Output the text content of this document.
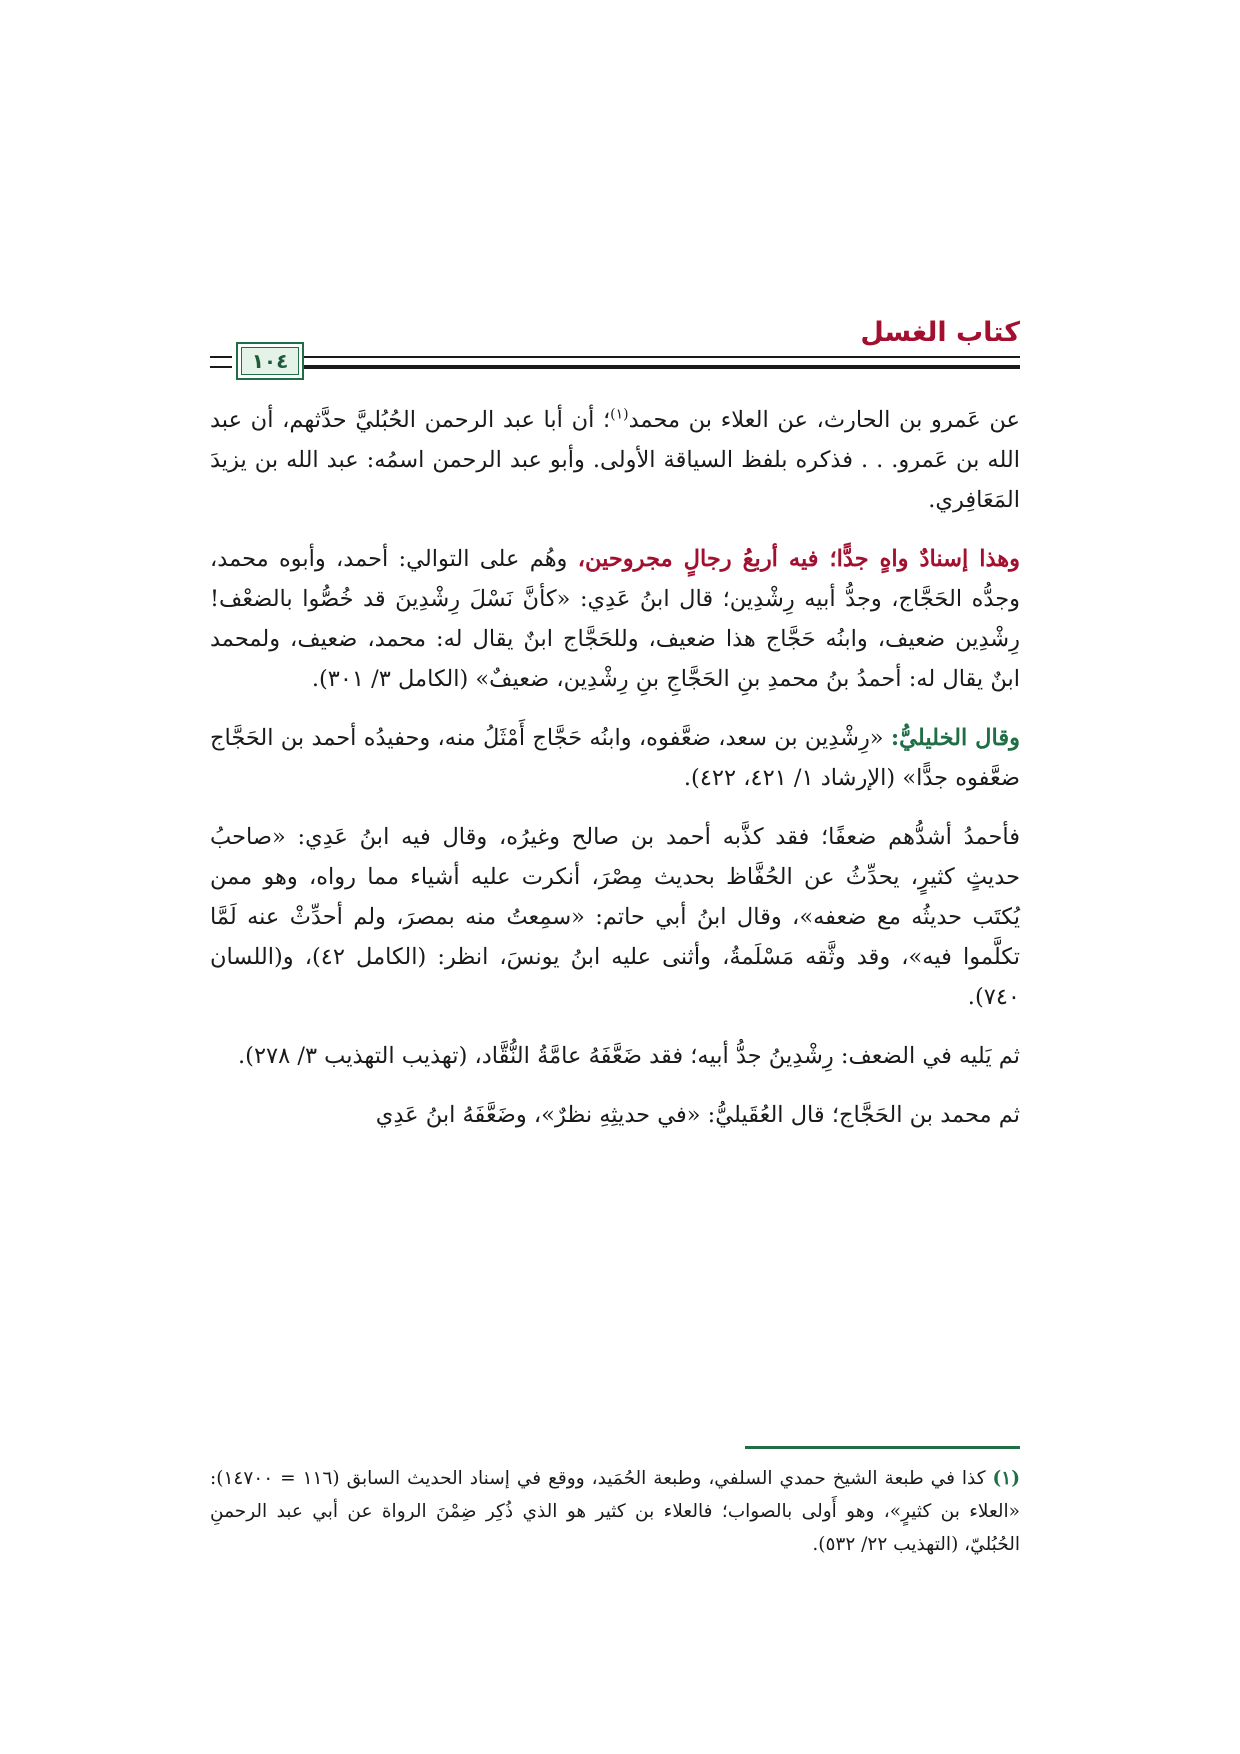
كتاب الغسل
١٠٤

عن عَمرو بن الحارث، عن العلاء بن محمد$^{(١)}$؛ أن أبا عبد الرحمن الحُبُليَّ حدَّثهم، أن عبد الله بن عَمرو. . . فذكره بلفظ السياقة الأولى. وأبو عبد الرحمن اسمُه: عبد الله بن يزيدَ المَعَافِري.

وهذا إسنادٌ واهٍ جدًّا؛ فيه أربعُ رجالٍ مجروحين، وهُم على التوالي: أحمد، وأبوه محمد، وجدُّه الحَجَّاج، وجدُّ أبيه رِشْدِين؛ قال ابنُ عَدِي: «كأنَّ نَسْلَ رِشْدِينَ قد خُصُّوا بالضعْف! رِشْدِين ضعيف، وابنُه حَجَّاج هذا ضعيف، وللحَجَّاج ابنٌ يقال له: محمد، ضعيف، ولمحمد ابنٌ يقال له: أحمدُ بنُ محمدِ بنِ الحَجَّاجِ بنِ رِشْدِين، ضعيفٌ» (الكامل ٣/ ٣٠١).

وقال الخليليُّ: «رِشْدِين بن سعد، ضعَّفوه، وابنُه حَجَّاج أَمْثَلُ منه، وحفيدُه أحمد بن الحَجَّاج ضعَّفوه جدًّا» (الإرشاد ١/ ٤٢١، ٤٢٢).

فأحمدُ أشدُّهم ضعفًا؛ فقد كذَّبه أحمد بن صالح وغيرُه، وقال فيه ابنُ عَدِي: «صاحبُ حديثٍ كثيرٍ، يحدِّثُ عن الحُفَّاظ بحديث مِصْرَ، أنكرت عليه أشياء مما رواه، وهو ممن يُكتَب حديثُه مع ضعفه»، وقال ابنُ أبي حاتم: «سمِعتُ منه بمصرَ، ولم أحدِّثْ عنه لَمَّا تكلَّموا فيه»، وقد وثَّقه مَسْلَمةُ، وأثنى عليه ابنُ يونسَ، انظر: (الكامل ٤٢)، و(اللسان ٧٤٠).

ثم يَليه في الضعف: رِشْدِينُ جدُّ أبيه؛ فقد ضَعَّفَهُ عامَّةُ النُّقَّاد، (تهذيب التهذيب ٣/ ٢٧٨).

ثم محمد بن الحَجَّاج؛ قال العُقَيليُّ: «في حديثِهِ نظرٌ»، وضَعَّفَهُ ابنُ عَدِي

(١) كذا في طبعة الشيخ حمدي السلفي، وطبعة الحُمَيد، ووقع في إسناد الحديث السابق (١١٦ = ١٤٧٠٠): «العلاء بن كثيرٍ»، وهو أَولى بالصواب؛ فالعلاء بن كثير هو الذي ذُكِر ضِمْنَ الرواة عن أبي عبد الرحمنِ الحُبُليّ، (التهذيب ٢٢/ ٥٣٢).
